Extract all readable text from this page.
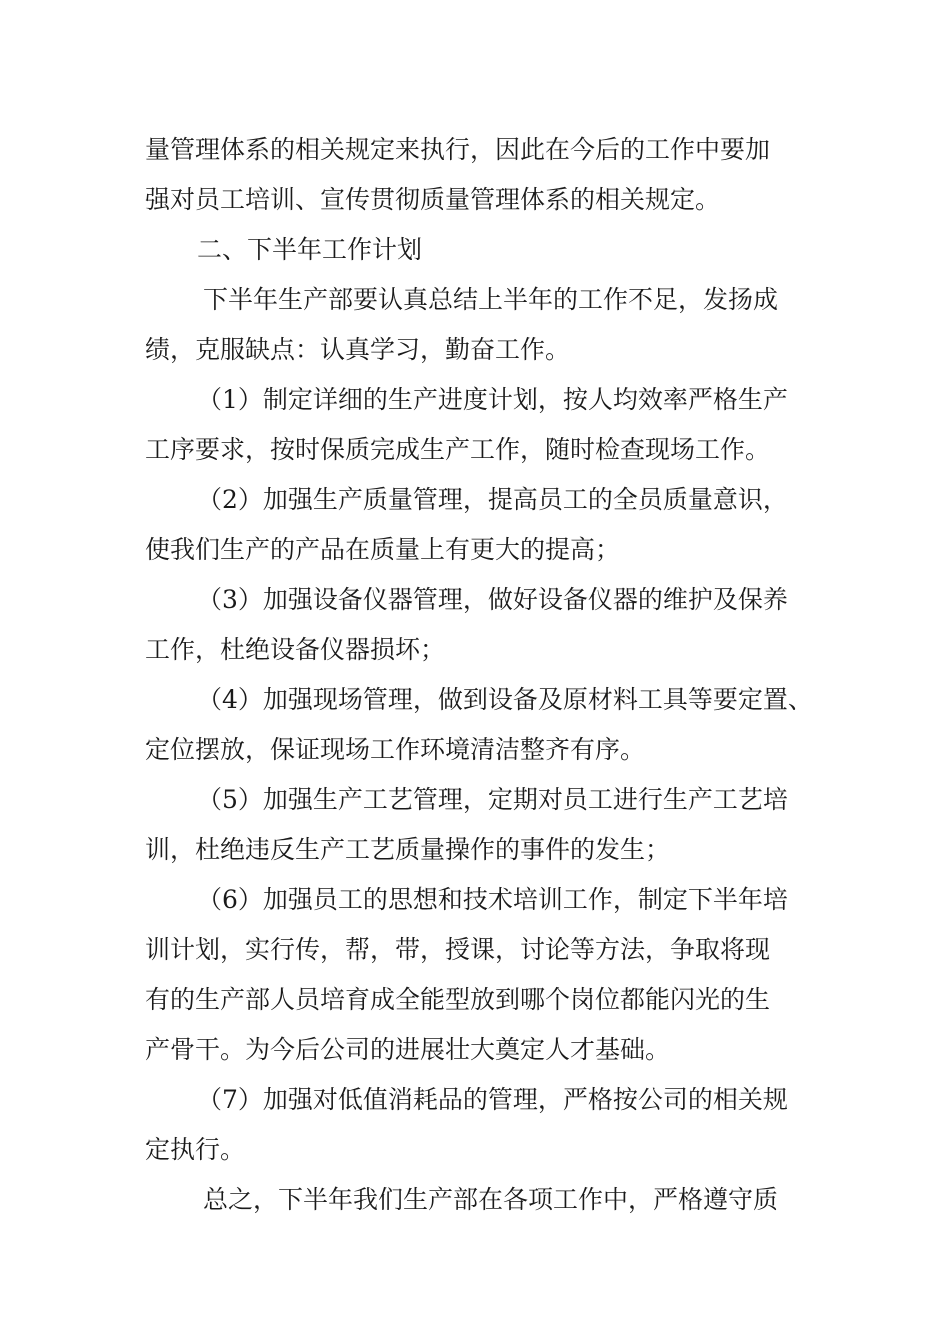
量管理体系的相关规定来执行，因此在今后的工作中要加
强对员工培训、宣传贯彻质量管理体系的相关规定。
二、下半年工作计划
下半年生产部要认真总结上半年的工作不足，发扬成
绩，克服缺点：认真学习，勤奋工作。
（1）制定详细的生产进度计划，按人均效率严格生产
工序要求，按时保质完成生产工作，随时检查现场工作。
（2）加强生产质量管理，提高员工的全员质量意识，
使我们生产的产品在质量上有更大的提高；
（3）加强设备仪器管理，做好设备仪器的维护及保养
工作，杜绝设备仪器损坏；
（4）加强现场管理，做到设备及原材料工具等要定置、
定位摆放，保证现场工作环境清洁整齐有序。
（5）加强生产工艺管理，定期对员工进行生产工艺培
训，杜绝违反生产工艺质量操作的事件的发生；
（6）加强员工的思想和技术培训工作，制定下半年培
训计划，实行传，帮，带，授课，讨论等方法，争取将现
有的生产部人员培育成全能型放到哪个岗位都能闪光的生
产骨干。为今后公司的进展壮大奠定人才基础。
（7）加强对低值消耗品的管理，严格按公司的相关规
定执行。
总之，下半年我们生产部在各项工作中，严格遵守质
